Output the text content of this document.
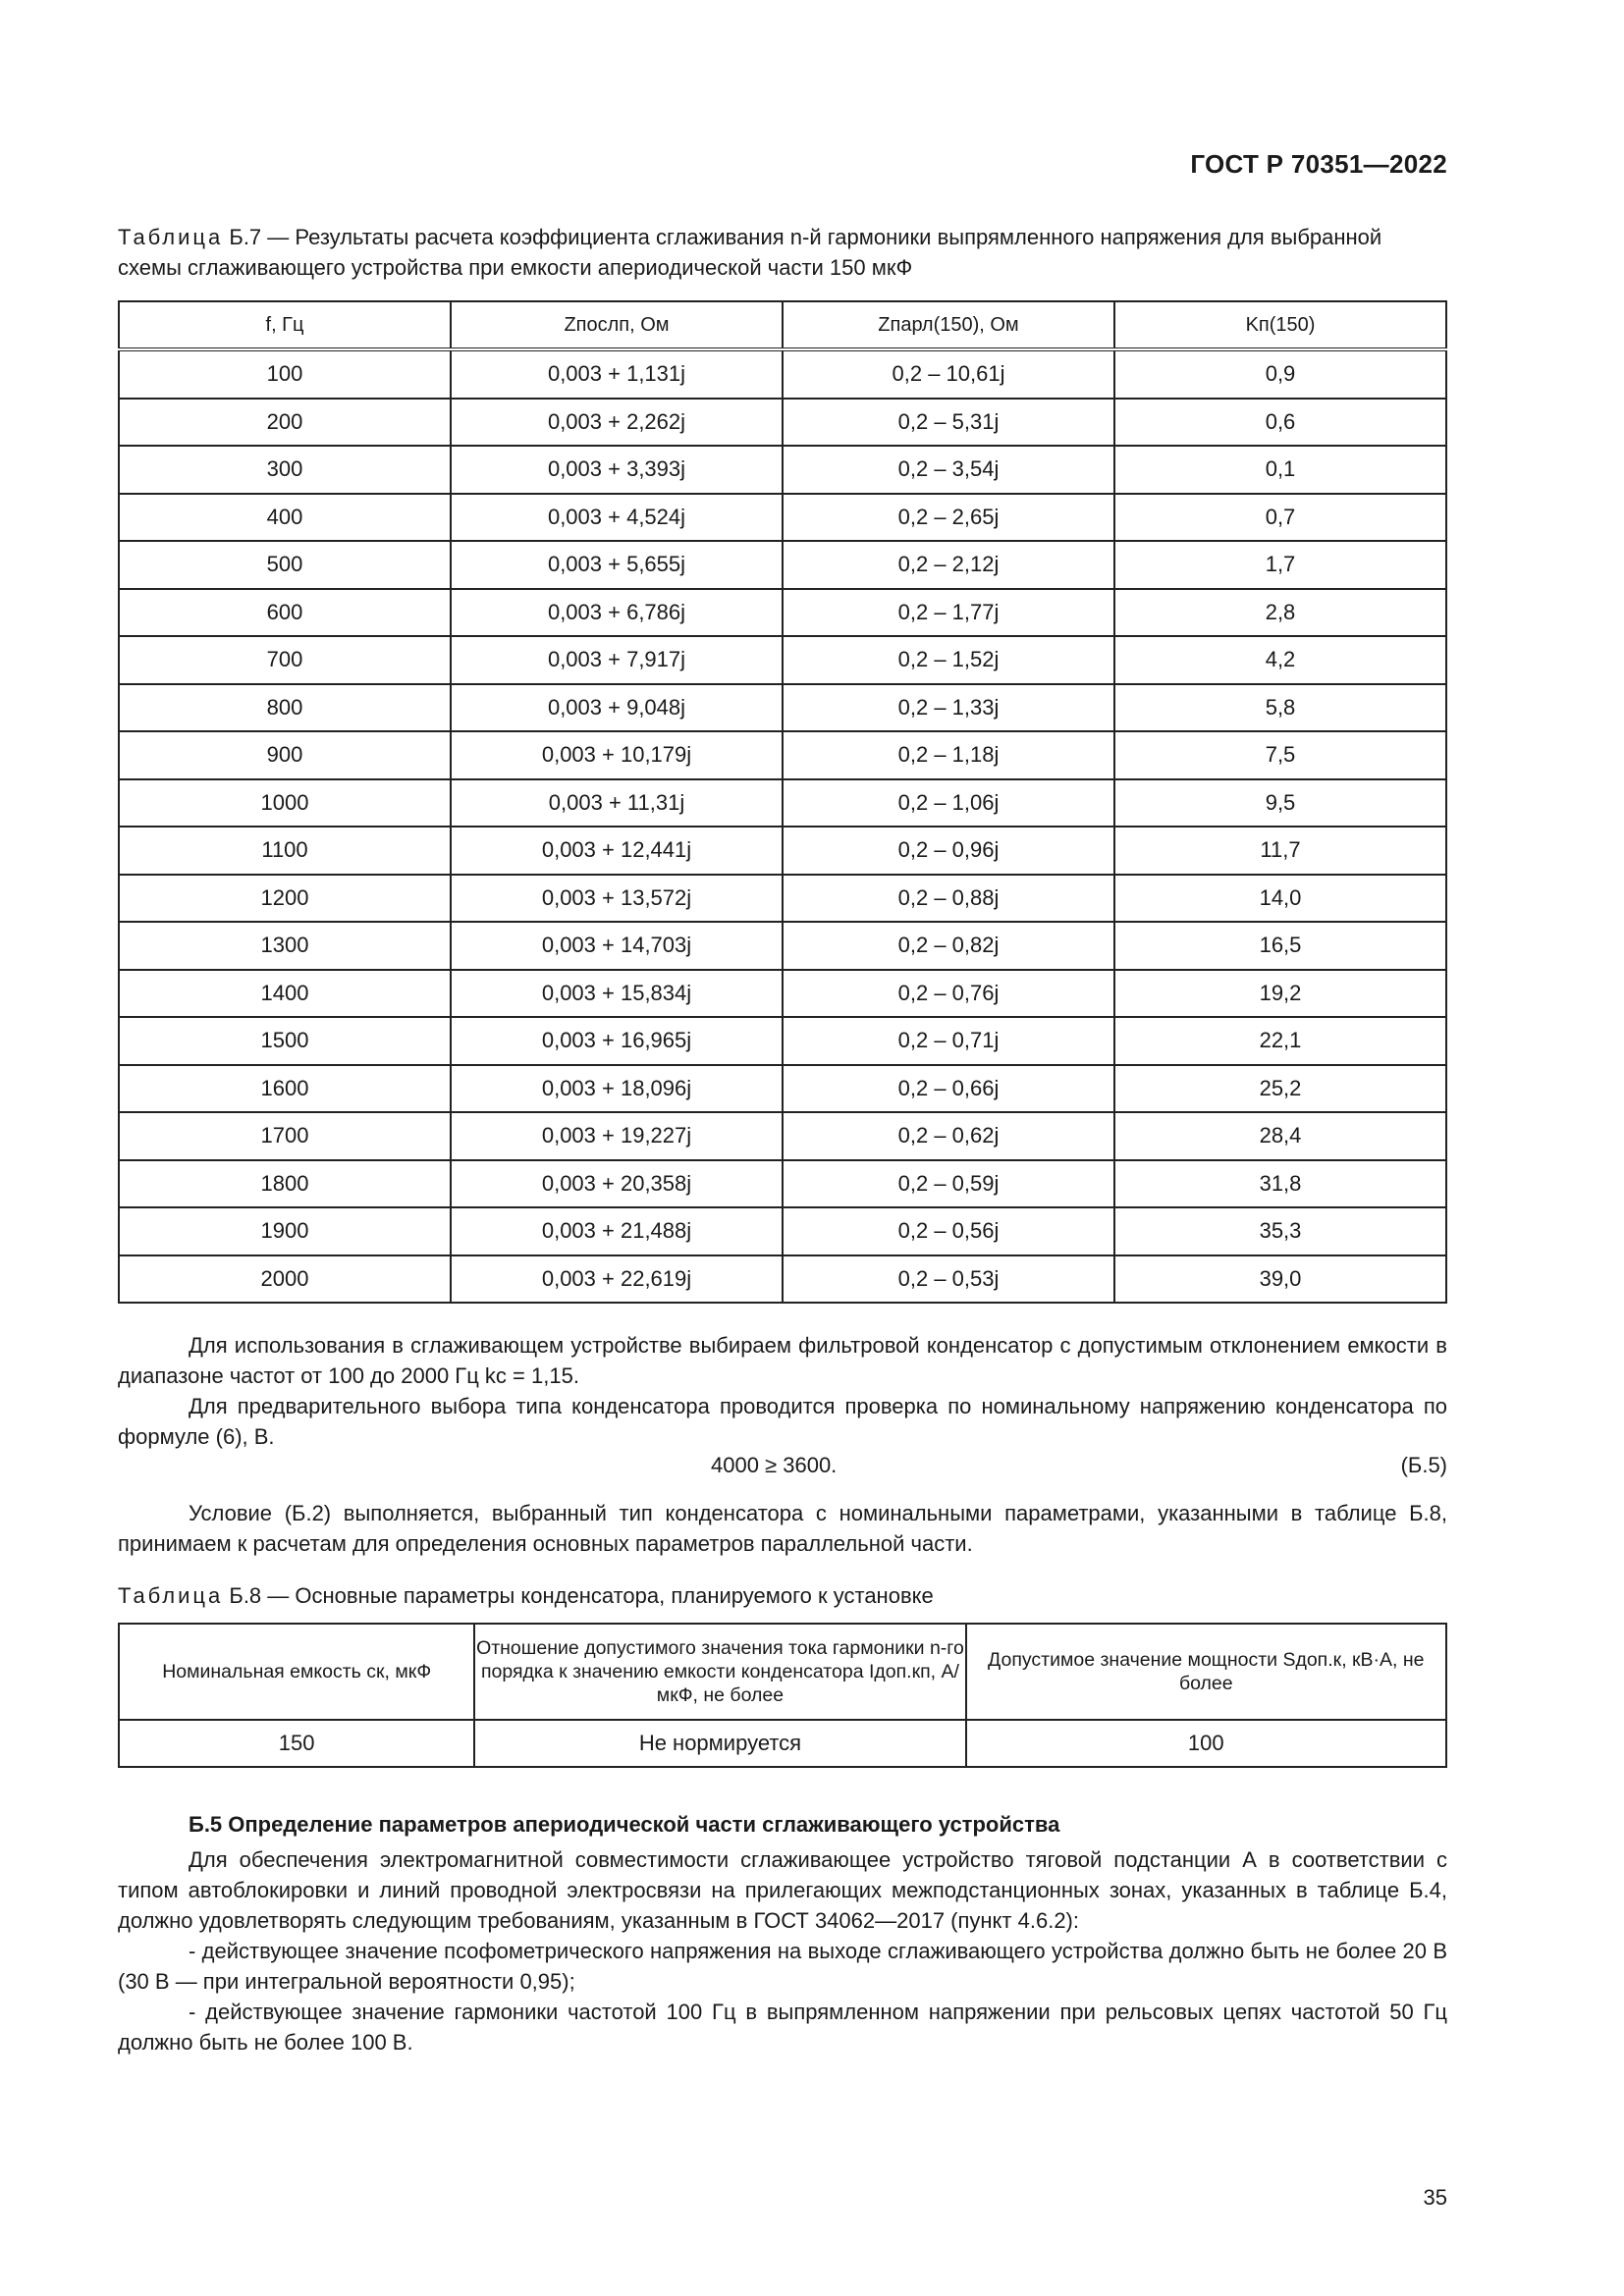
ГОСТ Р 70351—2022
Таблица Б.7 — Результаты расчета коэффициента сглаживания n-й гармоники выпрямленного напряжения для выбранной схемы сглаживающего устройства при емкости апериодической части 150 мкФ
f, Гц	Zпослп, Ом	Zпарл(150), Ом	Kп(150)
100	0,003 + 1,131j	0,2 – 10,61j	0,9
200	0,003 + 2,262j	0,2 – 5,31j	0,6
300	0,003 + 3,393j	0,2 – 3,54j	0,1
400	0,003 + 4,524j	0,2 – 2,65j	0,7
500	0,003 + 5,655j	0,2 – 2,12j	1,7
600	0,003 + 6,786j	0,2 – 1,77j	2,8
700	0,003 + 7,917j	0,2 – 1,52j	4,2
800	0,003 + 9,048j	0,2 – 1,33j	5,8
900	0,003 + 10,179j	0,2 – 1,18j	7,5
1000	0,003 + 11,31j	0,2 – 1,06j	9,5
1100	0,003 + 12,441j	0,2 – 0,96j	11,7
1200	0,003 + 13,572j	0,2 – 0,88j	14,0
1300	0,003 + 14,703j	0,2 – 0,82j	16,5
1400	0,003 + 15,834j	0,2 – 0,76j	19,2
1500	0,003 + 16,965j	0,2 – 0,71j	22,1
1600	0,003 + 18,096j	0,2 – 0,66j	25,2
1700	0,003 + 19,227j	0,2 – 0,62j	28,4
1800	0,003 + 20,358j	0,2 – 0,59j	31,8
1900	0,003 + 21,488j	0,2 – 0,56j	35,3
2000	0,003 + 22,619j	0,2 – 0,53j	39,0
Для использования в сглаживающем устройстве выбираем фильтровой конденсатор с допустимым отклонением емкости в диапазоне частот от 100 до 2000 Гц kс = 1,15.
Для предварительного выбора типа конденсатора проводится проверка по номинальному напряжению конденсатора по формуле (6), В.
4000 ≥ 3600.	(Б.5)
Условие (Б.2) выполняется, выбранный тип конденсатора с номинальными параметрами, указанными в таблице Б.8, принимаем к расчетам для определения основных параметров параллельной части.
Таблица Б.8 — Основные параметры конденсатора, планируемого к установке
Номинальная емкость cк, мкФ	Отношение допустимого значения тока гармоники n-го порядка к значению емкости конденсатора Iдоп.кп, А/мкФ, не более	Допустимое значение мощности Sдоп.к, кВ·А, не более
150	Не нормируется	100
Б.5 Определение параметров апериодической части сглаживающего устройства
Для обеспечения электромагнитной совместимости сглаживающее устройство тяговой подстанции А в соответствии с типом автоблокировки и линий проводной электросвязи на прилегающих межподстанционных зонах, указанных в таблице Б.4, должно удовлетворять следующим требованиям, указанным в ГОСТ 34062—2017 (пункт 4.6.2):
- действующее значение псофометрического напряжения на выходе сглаживающего устройства должно быть не более 20 В (30 В — при интегральной вероятности 0,95);
- действующее значение гармоники частотой 100 Гц в выпрямленном напряжении при рельсовых цепях частотой 50 Гц должно быть не более 100 В.
35
